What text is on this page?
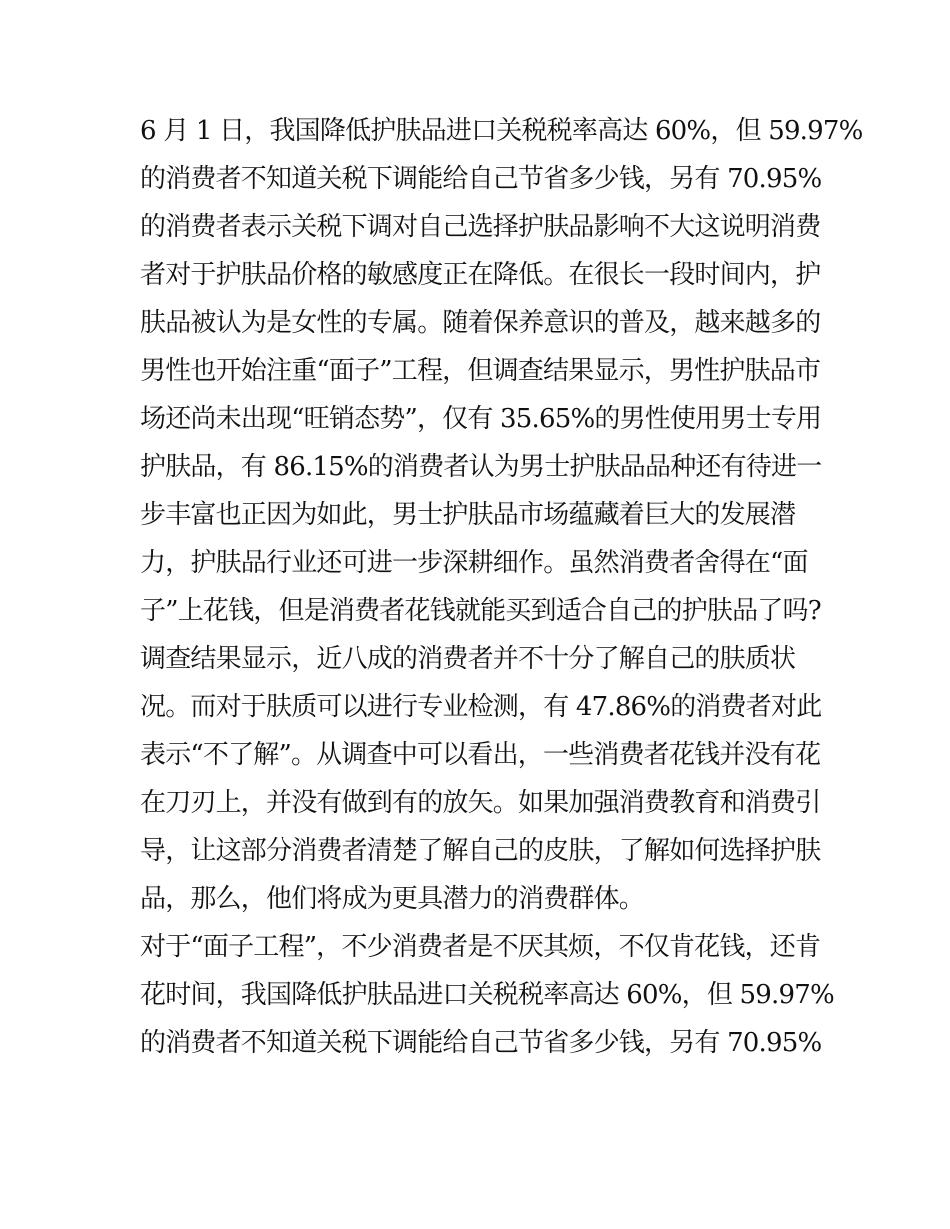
6 月 1 日，我国降低护肤品进口关税税率高达 60%，但 59.97%
的消费者不知道关税下调能给自己节省多少钱，另有 70.95%
的消费者表示关税下调对自己选择护肤品影响不大这说明消费
者对于护肤品价格的敏感度正在降低。在很长一段时间内，护
肤品被认为是女性的专属。随着保养意识的普及，越来越多的
男性也开始注重“面子”工程，但调查结果显示，男性护肤品市
场还尚未出现“旺销态势”，仅有 35.65%的男性使用男士专用
护肤品，有 86.15%的消费者认为男士护肤品品种还有待进一
步丰富也正因为如此，男士护肤品市场蕴藏着巨大的发展潜
力，护肤品行业还可进一步深耕细作。虽然消费者舍得在“面
子”上花钱，但是消费者花钱就能买到适合自己的护肤品了吗?
调查结果显示，近八成的消费者并不十分了解自己的肤质状
况。而对于肤质可以进行专业检测，有 47.86%的消费者对此
表示“不了解”。从调查中可以看出，一些消费者花钱并没有花
在刀刃上，并没有做到有的放矢。如果加强消费教育和消费引
导，让这部分消费者清楚了解自己的皮肤，了解如何选择护肤
品，那么，他们将成为更具潜力的消费群体。
对于“面子工程”，不少消费者是不厌其烦，不仅肯花钱，还肯
花时间，我国降低护肤品进口关税税率高达 60%，但 59.97%
的消费者不知道关税下调能给自己节省多少钱，另有 70.95%
